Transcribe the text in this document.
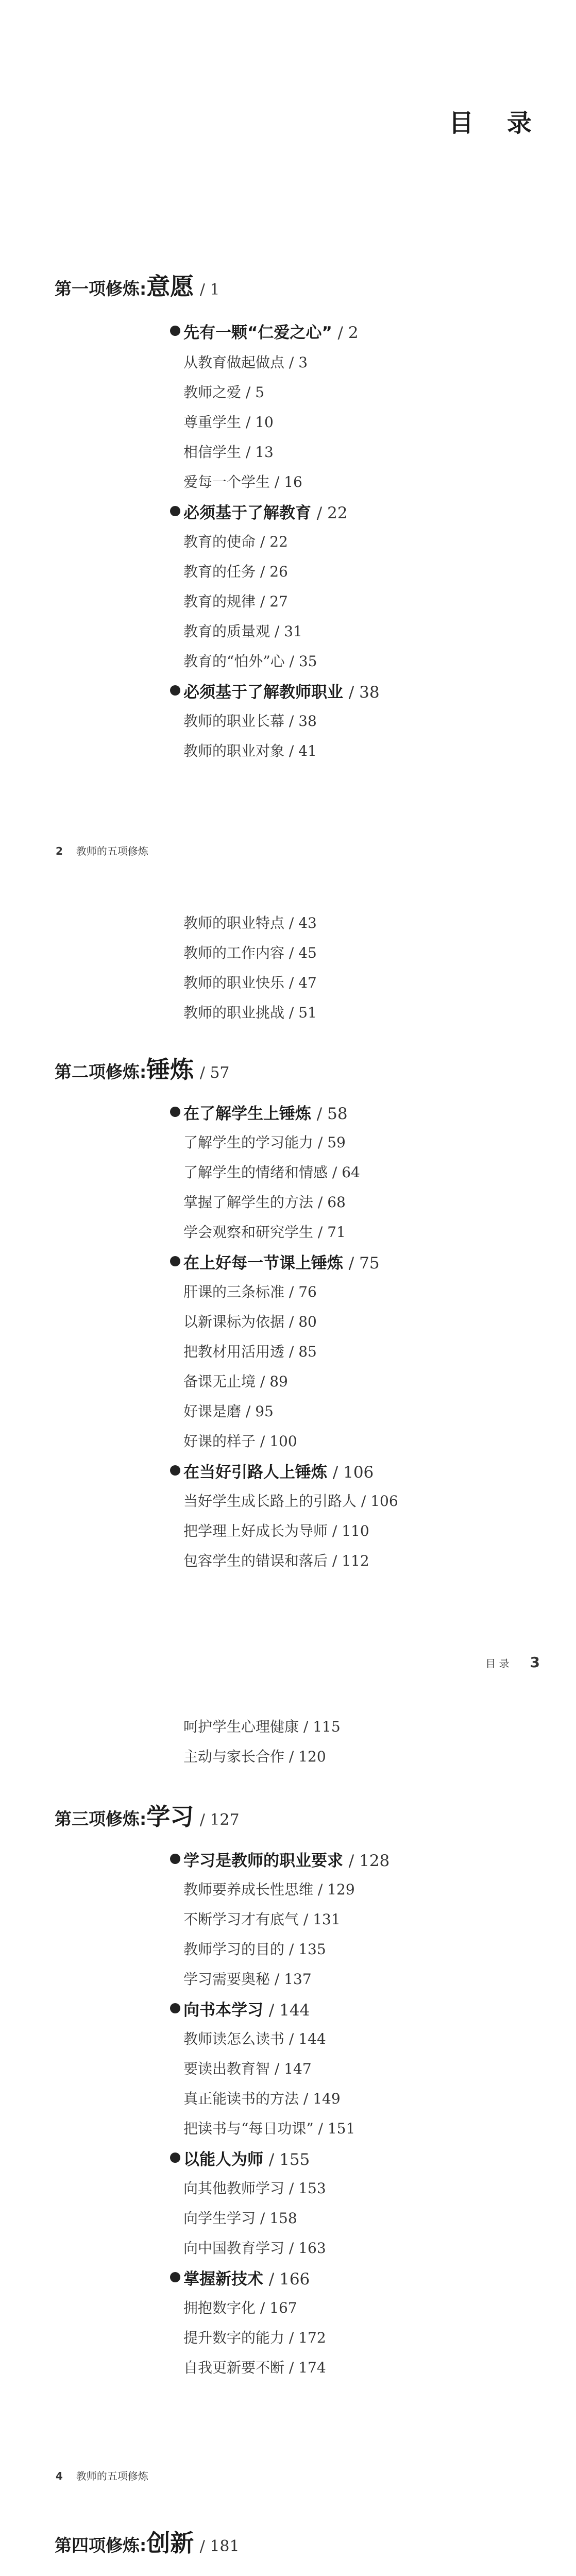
目 录
第一项修炼:意愿 / 1
先有一颗“仁爱之心” / 2
从教育做起做点 / 3
教师之爱 / 5
尊重学生 / 10
相信学生 / 13
爱每一个学生 / 16
必须基于了解教育 / 22
教育的使命 / 22
教育的任务 / 26
教育的规律 / 27
教育的质量观 / 31
教育的“怕外”心 / 35
必须基于了解教师职业 / 38
教师的职业长幕 / 38
教师的职业对象 / 41
2 教师的五项修炼
教师的职业特点 / 43
教师的工作内容 / 45
教师的职业快乐 / 47
教师的职业挑战 / 51
第二项修炼:锤炼 / 57
在了解学生上锤炼 / 58
了解学生的学习能力 / 59
了解学生的情绪和情感 / 64
掌握了解学生的方法 / 68
学会观察和研究学生 / 71
在上好每一节课上锤炼 / 75
肝课的三条标准 / 76
以新课标为依据 / 80
把教材用活用透 / 85
备课无止境 / 89
好课是磨 / 95
好课的样子 / 100
在当好引路人上锤炼 / 106
当好学生成长路上的引路人 / 106
把学理上好成长为导师 / 110
包容学生的错误和落后 / 112
目 录 3
呵护学生心理健康 / 115
主动与家长合作 / 120
第三项修炼:学习 / 127
学习是教师的职业要求 / 128
教师要养成长性思维 / 129
不断学习才有底气 / 131
教师学习的目的 / 135
学习需要奥秘 / 137
向书本学习 / 144
教师读怎么读书 / 144
要读出教育智 / 147
真正能读书的方法 / 149
把读书与“每日功课” / 151
以能人为师 / 155
向其他教师学习 / 153
向学生学习 / 158
向中国教育学习 / 163
掌握新技术 / 166
拥抱数字化 / 167
提升数字的能力 / 172
自我更新要不断 / 174
4 教师的五项修炼
第四项修炼:创新 / 181
